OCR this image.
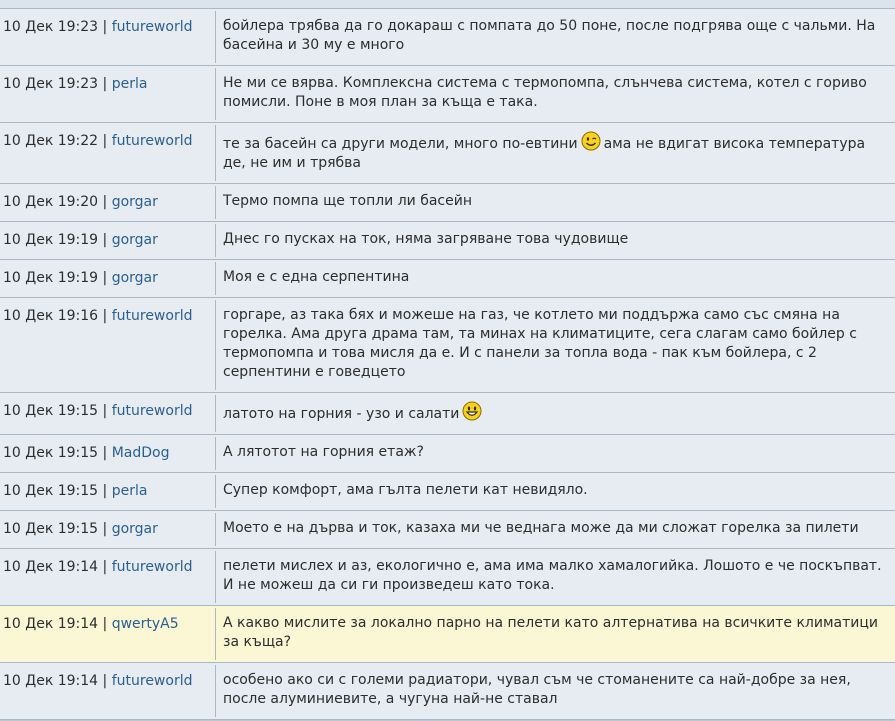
10 Дек 19:23 | futureworld	бойлера трябва да го докараш с помпата до 50 поне, после подгрява още с чальми. На басейна и 30 му е много
10 Дек 19:23 | perla	Не ми се вярва. Комплексна система с термопомпа, слънчева система, котел с гориво помисли. Поне в моя план за къща е така.
10 Дек 19:22 | futureworld	те за басейн са други модели, много по-евтини ама не вдигат висока температура де, не им и трябва
10 Дек 19:20 | gorgar	Термо помпа ще топли ли басейн
10 Дек 19:19 | gorgar	Днес го пусках на ток, няма загряване това чудовище
10 Дек 19:19 | gorgar	Моя е с една серпентина
10 Дек 19:16 | futureworld	горгаре, аз така бях и можеше на газ, че котлето ми поддържа само със смяна на горелка. Ама друга драма там, та минах на климатиците, сега слагам само бойлер с термопомпа и това мисля да е. И с панели за топла вода - пак към бойлера, с 2 серпентини е говедцето
10 Дек 19:15 | futureworld	латото на горния - узо и салати
10 Дек 19:15 | MadDog	А лятотот на горния етаж?
10 Дек 19:15 | perla	Супер комфорт, ама гълта пелети кат невидяло.
10 Дек 19:15 | gorgar	Моето е на дърва и ток, казаха ми че веднага може да ми сложат горелка за пилети
10 Дек 19:14 | futureworld	пелети мислех и аз, екологично е, ама има малко хамалогийка. Лошото е че поскъпват. И не можеш да си ги произведеш като тока.
10 Дек 19:14 | qwertyA5	А какво мислите за локално парно на пелети като алтернатива на всичките климатици за къща?
10 Дек 19:14 | futureworld	особено ако си с големи радиатори, чувал съм че стоманените са най-добре за нея, после алуминиевите, а чугуна най-не ставал
